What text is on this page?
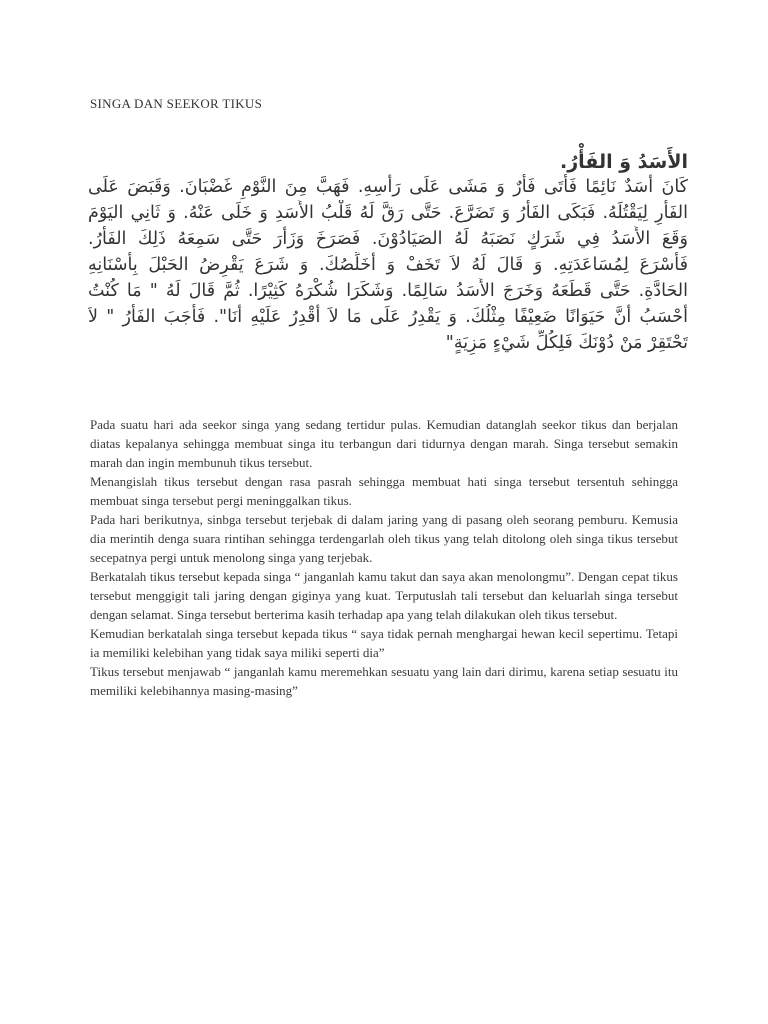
SINGA DAN SEEKOR TIKUS
الأَسَدُ وَ الفَأْرُ.
كَانَ أَسَدٌ نَائِمًا فَأَتَى فَأْرٌ وَ مَشَى عَلَى رَأْسِهِ. فَهَبَّ مِنَ النَّوْمِ غَضْبَانَ. وَقَبَضَ عَلَى
الفَأْرِ لِيَقْتُلَهُ. فَبَكَى الفَأْرُ وَ تَضَرَّعَ. حَتَّى رَقَّ لَهُ قَلْبُ الأَسَدِ وَ خَلَى عَنْهُ. وَ ثَانِي اليَوْمَ
وَقَعَ الأَسَدُ فِي شَرَكٍ نَصَبَهُ لَهُ الصَيَادُوْنَ. فَصَرَخَ وَزَأَرَ حَتَّى سَمِعَهُ ذَلِكَ الفَأْرُ.
فَأَسْرَعَ لِمُسَاعَدَتِهِ. وَ قَالَ لَهُ لاَ تَخَفْ وَ أُخَلِّصُكَ. وَ شَرَعَ يَقْرِضُ الحَبْلَ بِأَسْنَانِهِ
الحَادَّةِ. حَتَّى قَطَعَهُ وَخَرَجَ الأَسَدُ سَالِمًا. وَشَكَرَا شُكْرَهُ كَثِيْرًا. ثُمَّ قَالَ لَهُ " مَا كُنْتُ
أَحْسَبُ أَنَّ حَيَوَانًا ضَعِيْفًا مِثْلُكَ. وَ يَقْدِرُ عَلَى مَا لاَ أَقْدِرُ عَلَيْهِ أَنَا". فَأَجَبَ الفَأْرُ " لاَ
تَحْتَقِرْ مَنْ دُوْنَكَ فَلِكُلِّ شَيْءٍ مَزِيَةٍ"

Pada suatu hari ada seekor singa yang sedang tertidur pulas. Kemudian datanglah seekor tikus dan berjalan diatas kepalanya sehingga membuat singa itu terbangun dari tidurnya dengan marah. Singa tersebut semakin marah dan ingin membunuh tikus tersebut.

Menangislah tikus tersebut dengan rasa pasrah sehingga membuat hati singa tersebut tersentuh sehingga membuat singa tersebut pergi meninggalkan tikus.

Pada hari berikutnya, sinbga tersebut terjebak di dalam jaring yang di pasang oleh seorang pemburu. Kemusia dia merintih denga suara rintihan sehingga terdengarlah oleh tikus yang telah ditolong oleh singa tikus tersebut secepatnya pergi untuk menolong singa yang terjebak.

Berkatalah tikus tersebut kepada singa “ janganlah kamu takut dan saya akan menolongmu”. Dengan cepat tikus tersebut menggigit tali jaring dengan giginya yang kuat. Terputuslah tali tersebut dan keluarlah singa tersebut dengan selamat. Singa tersebut berterima kasih terhadap apa yang telah dilakukan oleh tikus tersebut.

Kemudian berkatalah singa tersebut kepada tikus “ saya tidak pernah menghargai hewan kecil sepertimu. Tetapi ia memiliki kelebihan yang tidak saya miliki seperti dia”

Tikus tersebut menjawab “ janganlah kamu meremehkan sesuatu yang lain dari dirimu, karena setiap sesuatu itu memiliki kelebihannya masing-masing”
